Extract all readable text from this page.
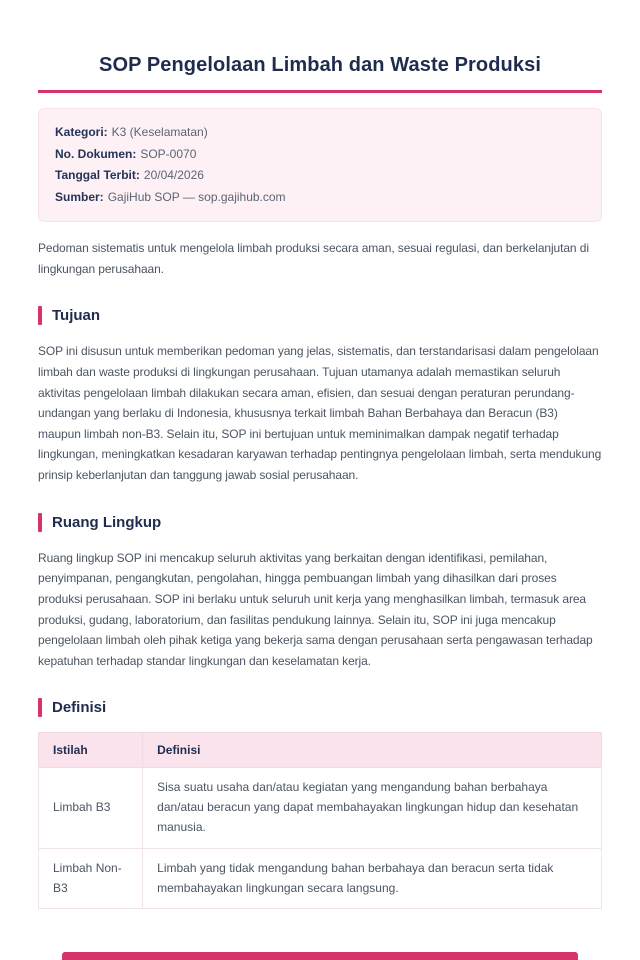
SOP Pengelolaan Limbah dan Waste Produksi
Kategori: K3 (Keselamatan)
No. Dokumen: SOP-0070
Tanggal Terbit: 20/04/2026
Sumber: GajiHub SOP — sop.gajihub.com

Pedoman sistematis untuk mengelola limbah produksi secara aman, sesuai regulasi, dan berkelanjutan di lingkungan perusahaan.

Tujuan

SOP ini disusun untuk memberikan pedoman yang jelas, sistematis, dan terstandarisasi dalam pengelolaan limbah dan waste produksi di lingkungan perusahaan. Tujuan utamanya adalah memastikan seluruh aktivitas pengelolaan limbah dilakukan secara aman, efisien, dan sesuai dengan peraturan perundang-undangan yang berlaku di Indonesia, khususnya terkait limbah Bahan Berbahaya dan Beracun (B3) maupun limbah non-B3. Selain itu, SOP ini bertujuan untuk meminimalkan dampak negatif terhadap lingkungan, meningkatkan kesadaran karyawan terhadap pentingnya pengelolaan limbah, serta mendukung prinsip keberlanjutan dan tanggung jawab sosial perusahaan.

Ruang Lingkup

Ruang lingkup SOP ini mencakup seluruh aktivitas yang berkaitan dengan identifikasi, pemilahan, penyimpanan, pengangkutan, pengolahan, hingga pembuangan limbah yang dihasilkan dari proses produksi perusahaan. SOP ini berlaku untuk seluruh unit kerja yang menghasilkan limbah, termasuk area produksi, gudang, laboratorium, dan fasilitas pendukung lainnya. Selain itu, SOP ini juga mencakup pengelolaan limbah oleh pihak ketiga yang bekerja sama dengan perusahaan serta pengawasan terhadap kepatuhan terhadap standar lingkungan dan keselamatan kerja.

Definisi
Istilah	Definisi
Limbah B3	Sisa suatu usaha dan/atau kegiatan yang mengandung bahan berbahaya dan/atau beracun yang dapat membahayakan lingkungan hidup dan kesehatan manusia.
Limbah Non-B3	Limbah yang tidak mengandung bahan berbahaya dan beracun serta tidak membahayakan lingkungan secara langsung.
